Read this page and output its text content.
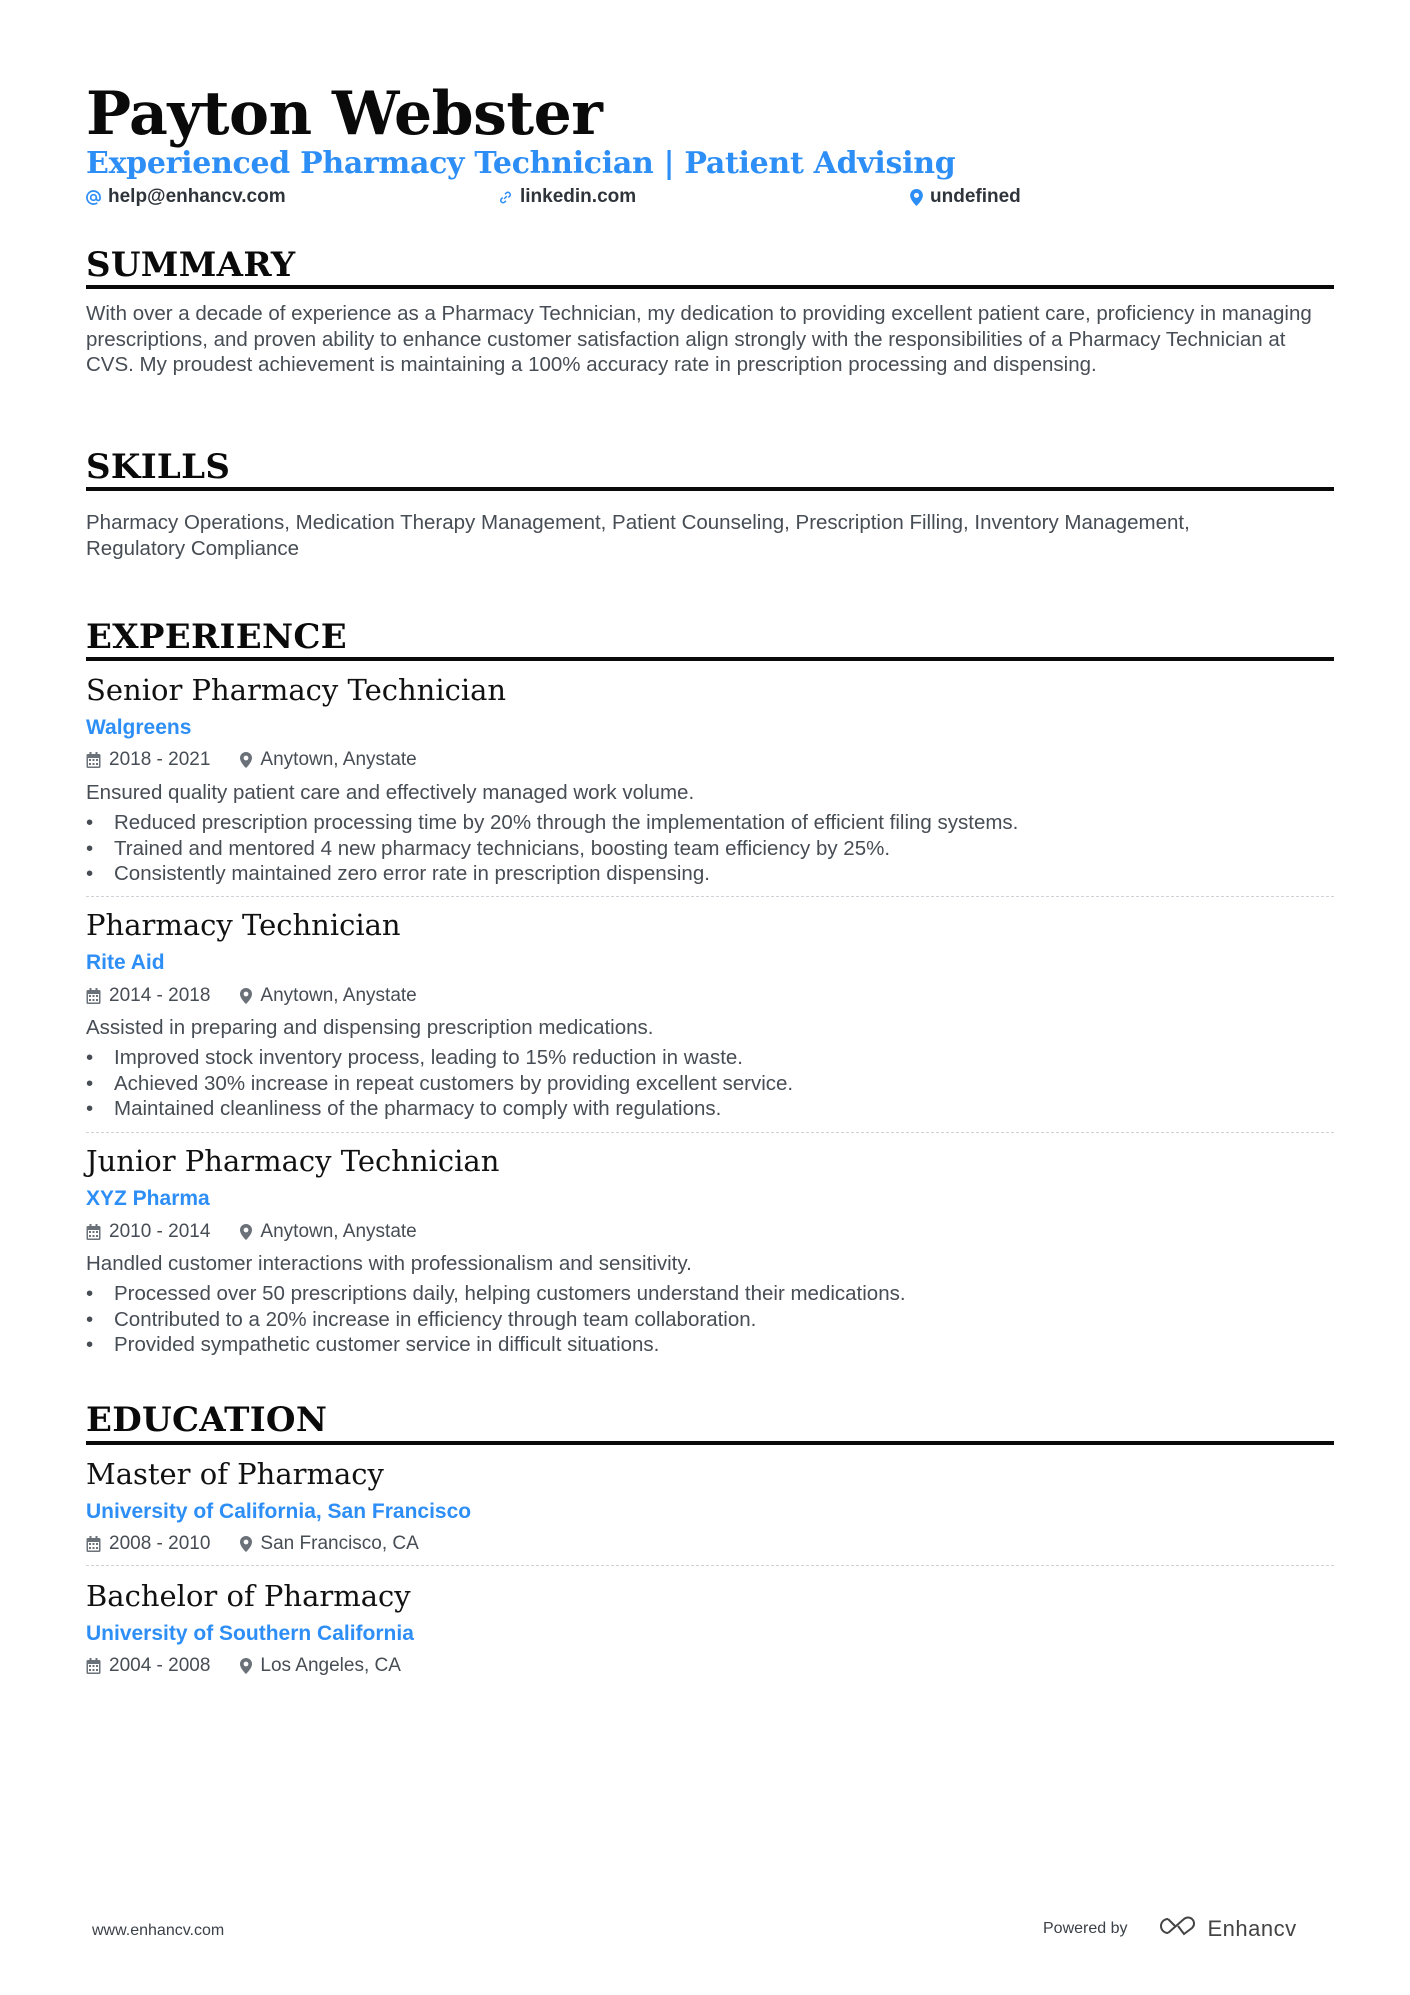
Payton Webster
Experienced Pharmacy Technician | Patient Advising
help@enhancv.com	linkedin.com	undefined
SUMMARY
With over a decade of experience as a Pharmacy Technician, my dedication to providing excellent patient care, proficiency in managing prescriptions, and proven ability to enhance customer satisfaction align strongly with the responsibilities of a Pharmacy Technician at CVS. My proudest achievement is maintaining a 100% accuracy rate in prescription processing and dispensing.
SKILLS
Pharmacy Operations, Medication Therapy Management, Patient Counseling, Prescription Filling, Inventory Management, Regulatory Compliance
EXPERIENCE
Senior Pharmacy Technician
Walgreens
2018 - 2021	Anytown, Anystate
Ensured quality patient care and effectively managed work volume.
• Reduced prescription processing time by 20% through the implementation of efficient filing systems.
• Trained and mentored 4 new pharmacy technicians, boosting team efficiency by 25%.
• Consistently maintained zero error rate in prescription dispensing.
Pharmacy Technician
Rite Aid
2014 - 2018	Anytown, Anystate
Assisted in preparing and dispensing prescription medications.
• Improved stock inventory process, leading to 15% reduction in waste.
• Achieved 30% increase in repeat customers by providing excellent service.
• Maintained cleanliness of the pharmacy to comply with regulations.
Junior Pharmacy Technician
XYZ Pharma
2010 - 2014	Anytown, Anystate
Handled customer interactions with professionalism and sensitivity.
• Processed over 50 prescriptions daily, helping customers understand their medications.
• Contributed to a 20% increase in efficiency through team collaboration.
• Provided sympathetic customer service in difficult situations.
EDUCATION
Master of Pharmacy
University of California, San Francisco
2008 - 2010	San Francisco, CA
Bachelor of Pharmacy
University of Southern California
2004 - 2008	Los Angeles, CA
www.enhancv.com	Powered by	Enhancv
